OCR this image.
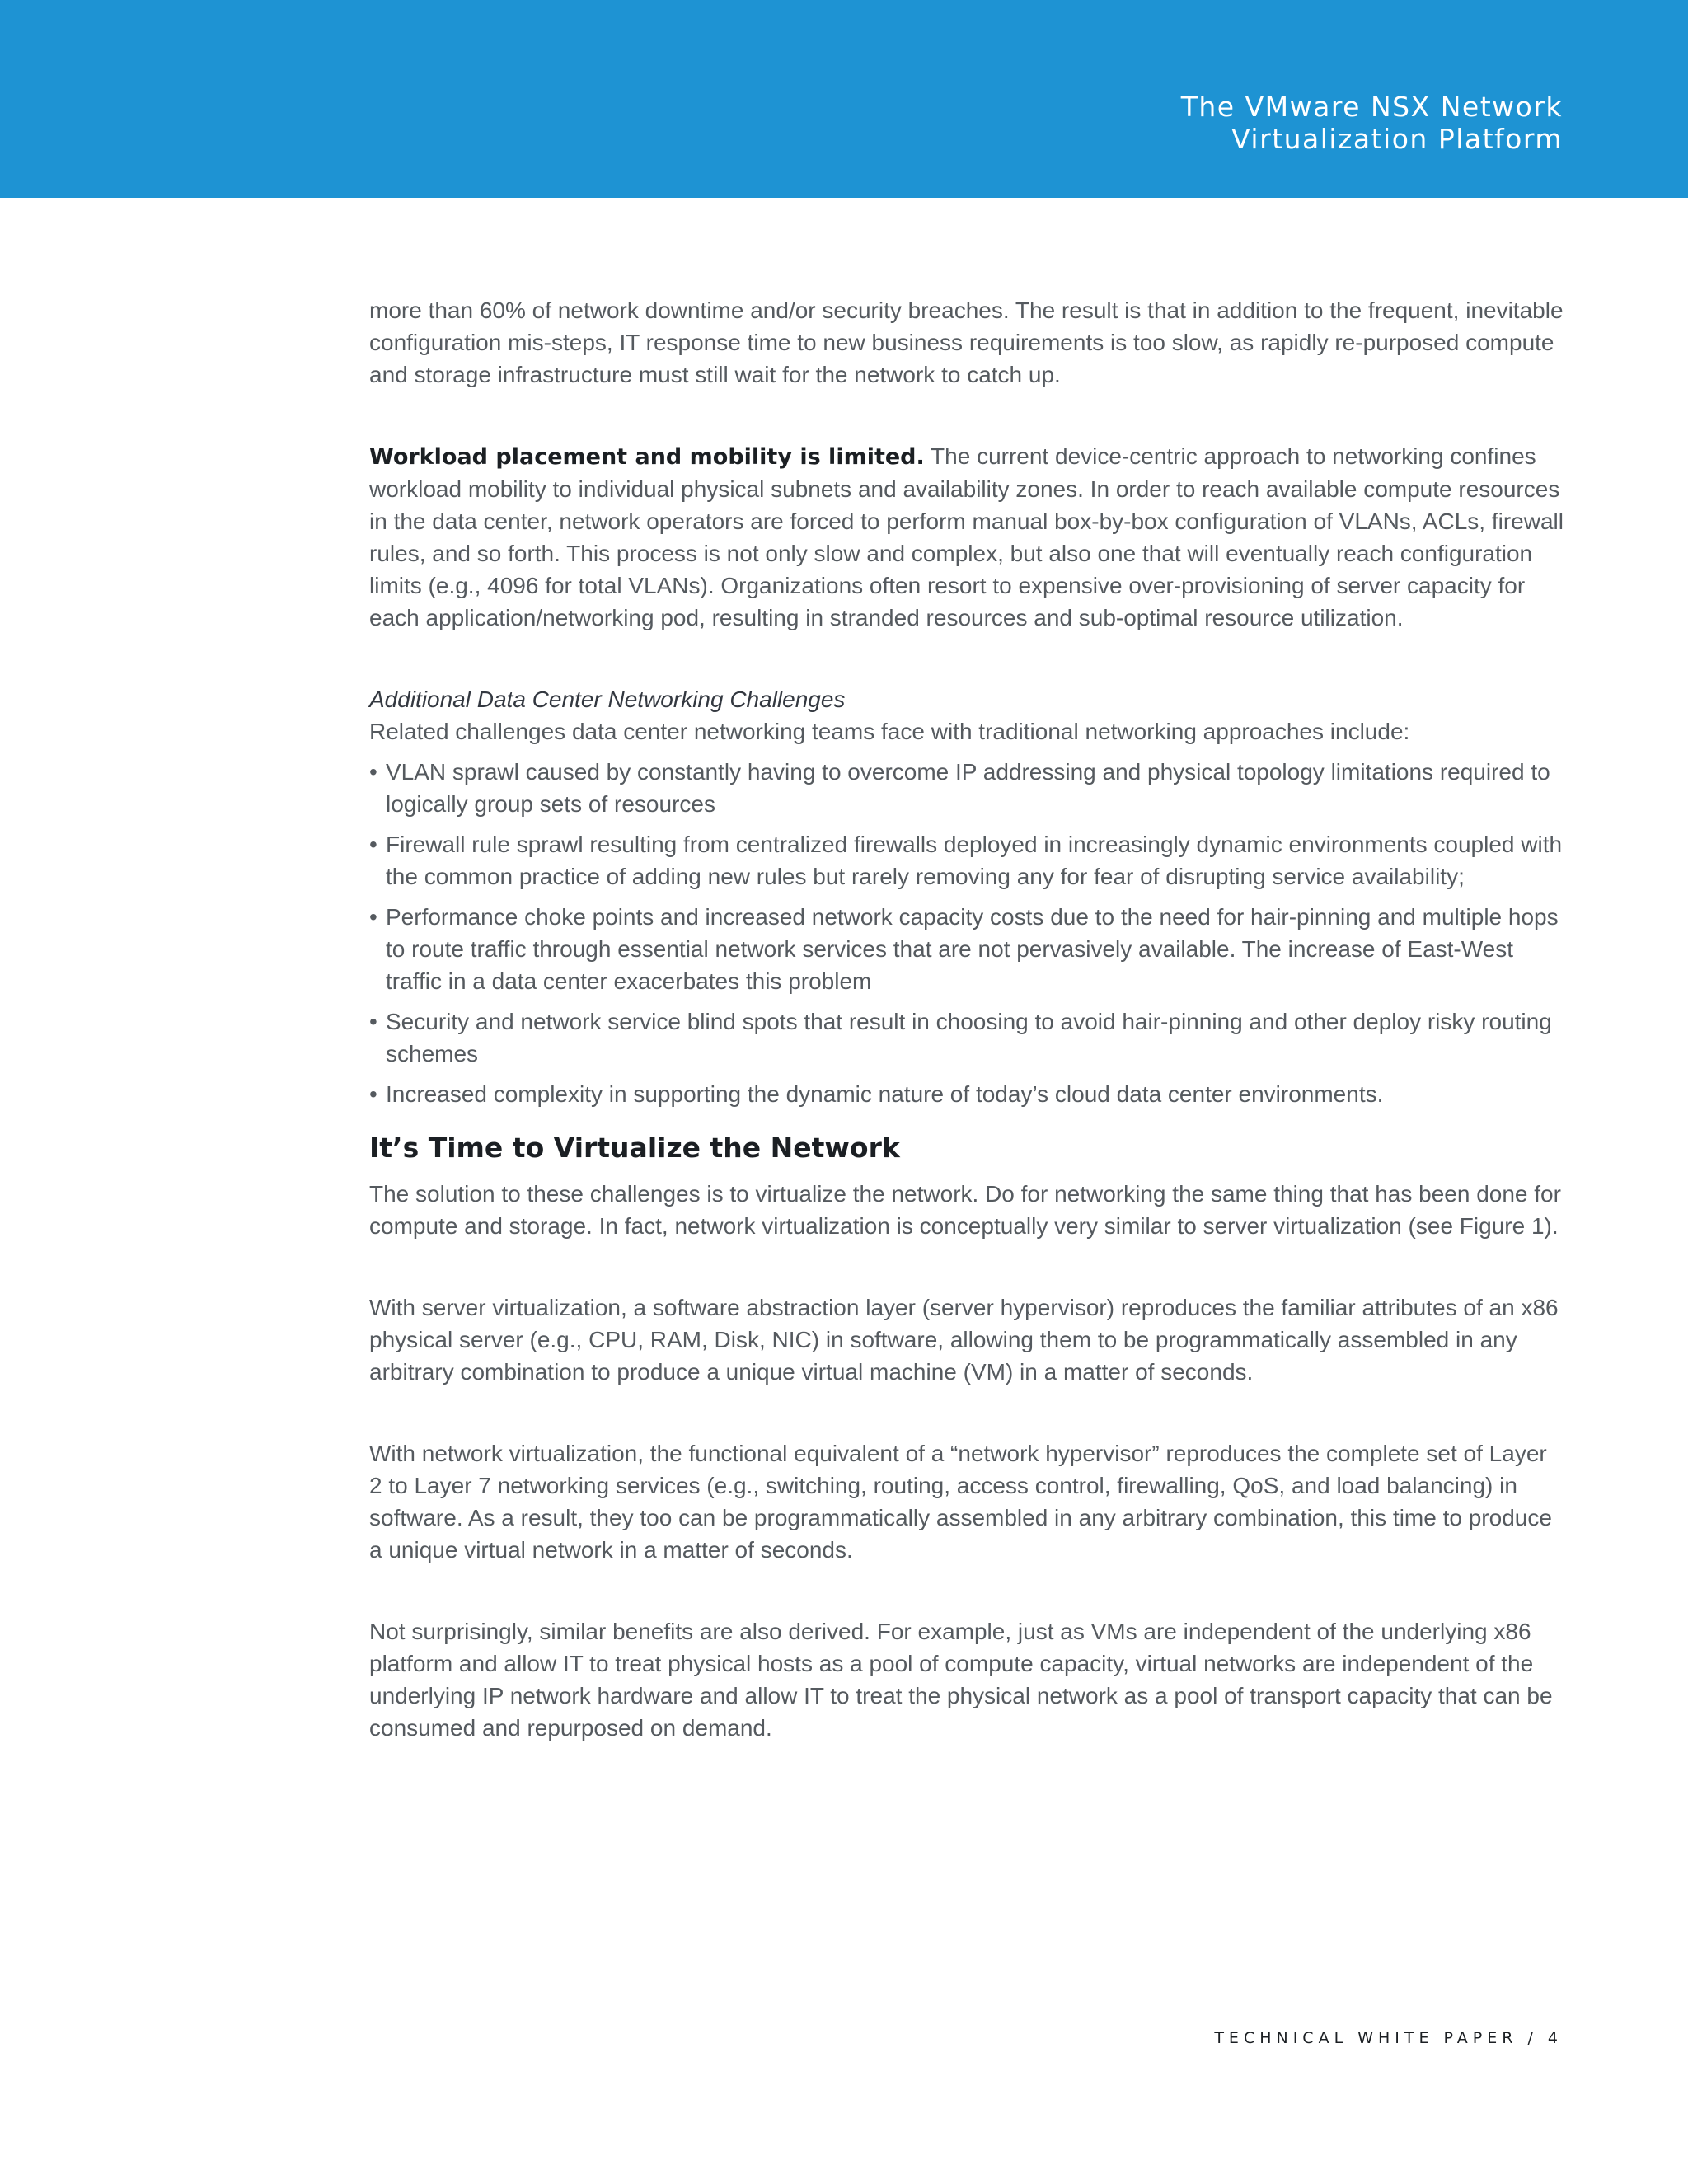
The VMware NSX Network
Virtualization Platform

more than 60% of network downtime and/or security breaches. The result is that in addition to the frequent, inevitable configuration mis-steps, IT response time to new business requirements is too slow, as rapidly re-purposed compute and storage infrastructure must still wait for the network to catch up.

Workload placement and mobility is limited. The current device-centric approach to networking confines workload mobility to individual physical subnets and availability zones. In order to reach available compute resources in the data center, network operators are forced to perform manual box-by-box configuration of VLANs, ACLs, firewall rules, and so forth. This process is not only slow and complex, but also one that will eventually reach configuration limits (e.g., 4096 for total VLANs). Organizations often resort to expensive over-provisioning of server capacity for each application/networking pod, resulting in stranded resources and sub-optimal resource utilization.

Additional Data Center Networking Challenges

Related challenges data center networking teams face with traditional networking approaches include:

• VLAN sprawl caused by constantly having to overcome IP addressing and physical topology limitations required to logically group sets of resources
• Firewall rule sprawl resulting from centralized firewalls deployed in increasingly dynamic environments coupled with the common practice of adding new rules but rarely removing any for fear of disrupting service availability;
• Performance choke points and increased network capacity costs due to the need for hair-pinning and multiple hops to route traffic through essential network services that are not pervasively available. The increase of East-West traffic in a data center exacerbates this problem
• Security and network service blind spots that result in choosing to avoid hair-pinning and other deploy risky routing schemes
• Increased complexity in supporting the dynamic nature of today’s cloud data center environments.
It’s Time to Virtualize the Network

The solution to these challenges is to virtualize the network. Do for networking the same thing that has been done for compute and storage. In fact, network virtualization is conceptually very similar to server virtualization (see Figure 1).

With server virtualization, a software abstraction layer (server hypervisor) reproduces the familiar attributes of an x86 physical server (e.g., CPU, RAM, Disk, NIC) in software, allowing them to be programmatically assembled in any arbitrary combination to produce a unique virtual machine (VM) in a matter of seconds.

With network virtualization, the functional equivalent of a “network hypervisor” reproduces the complete set of Layer 2 to Layer 7 networking services (e.g., switching, routing, access control, firewalling, QoS, and load balancing) in software. As a result, they too can be programmatically assembled in any arbitrary combination, this time to produce a unique virtual network in a matter of seconds.

Not surprisingly, similar benefits are also derived. For example, just as VMs are independent of the underlying x86 platform and allow IT to treat physical hosts as a pool of compute capacity, virtual networks are independent of the underlying IP network hardware and allow IT to treat the physical network as a pool of transport capacity that can be consumed and repurposed on demand.

TECHNICAL WHITE PAPER / 4
